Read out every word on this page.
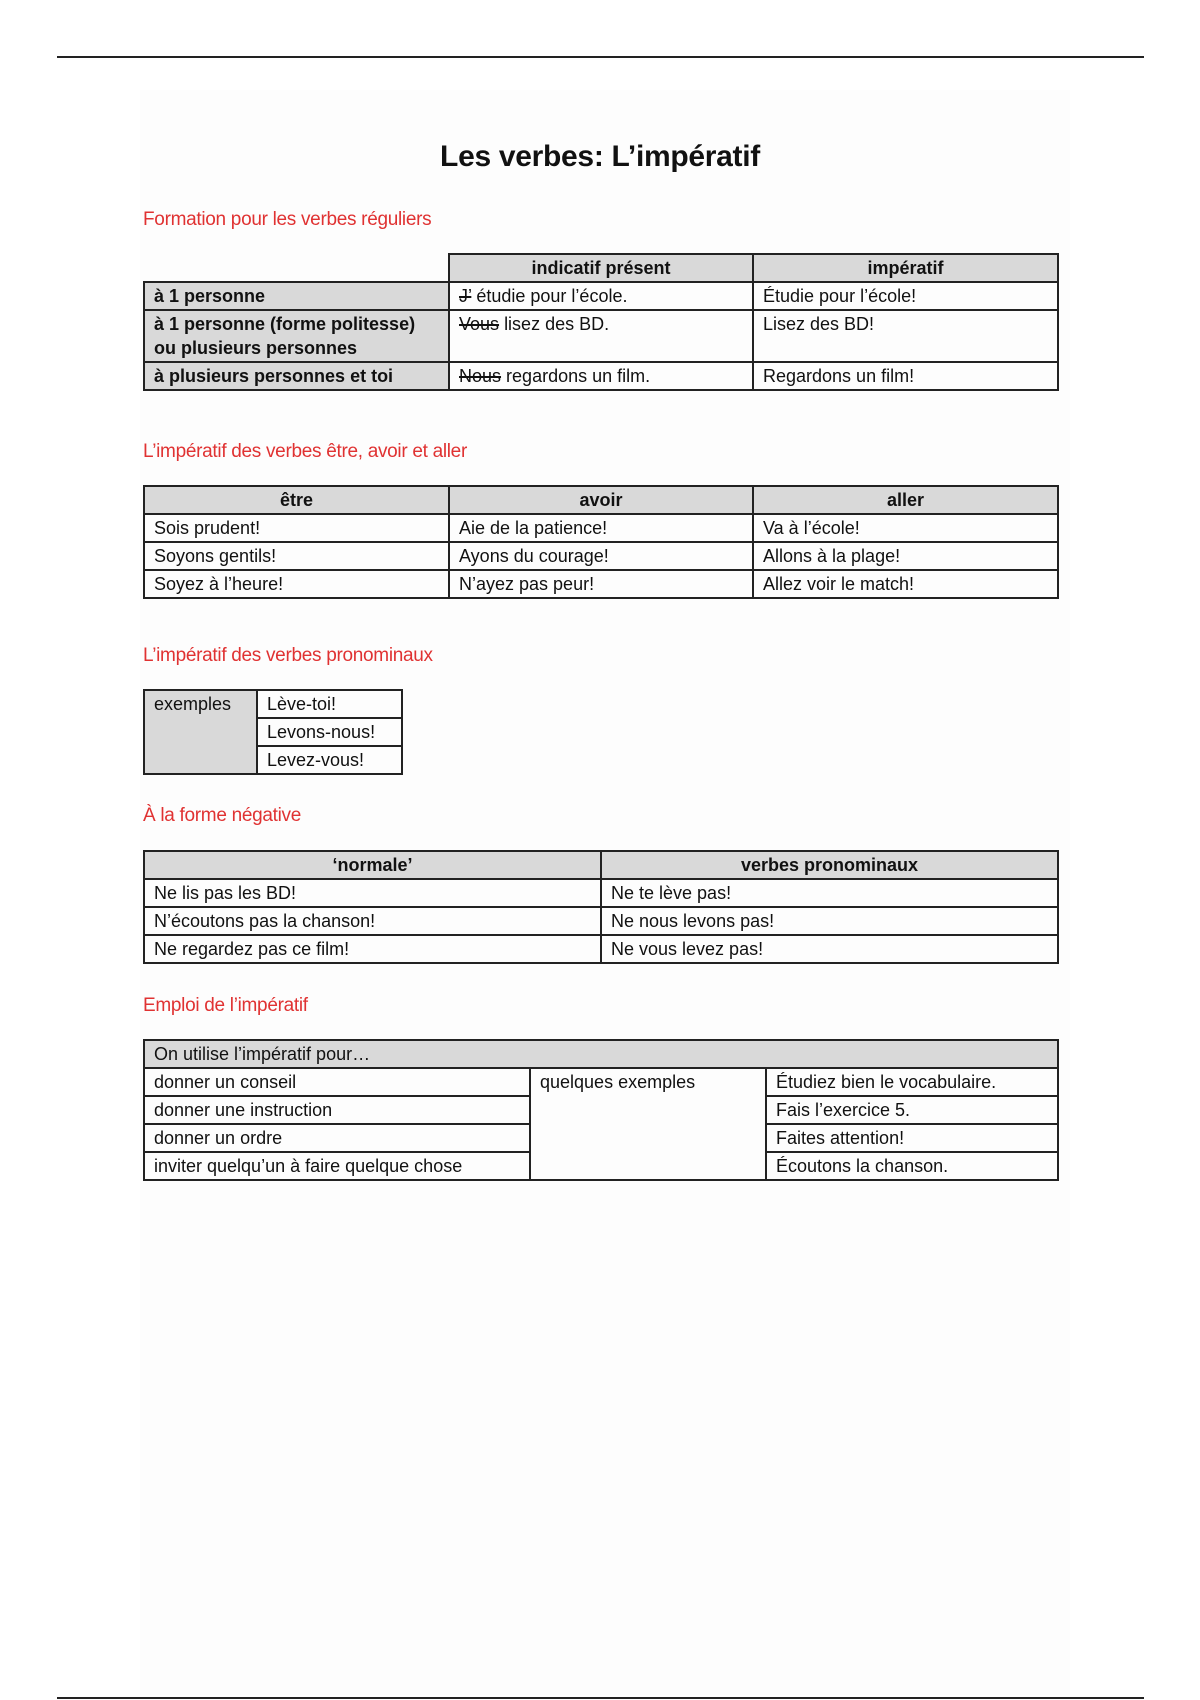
Les verbes: L’impératif
Formation pour les verbes réguliers
	indicatif présent	impératif
à 1 personne	J’ étudie pour l’école.	Étudie pour l’école!
à 1 personne (forme politesse)
ou plusieurs personnes	Vous lisez des BD.	Lisez des BD!
à plusieurs personnes et toi	Nous regardons un film.	Regardons un film!
L’impératif des verbes être, avoir et aller
être	avoir	aller
Sois prudent!	Aie de la patience!	Va à l’école!
Soyons gentils!	Ayons du courage!	Allons à la plage!
Soyez à l’heure!	N’ayez pas peur!	Allez voir le match!
L’impératif des verbes pronominaux
exemples	Lève-toi!
Levons-nous!
Levez-vous!
À la forme négative
‘normale’	verbes pronominaux
Ne lis pas les BD!	Ne te lève pas!
N’écoutons pas la chanson!	Ne nous levons pas!
Ne regardez pas ce film!	Ne vous levez pas!
Emploi de l’impératif
On utilise l’impératif pour…		
donner un conseil	quelques exemples	Étudiez bien le vocabulaire.
donner une instruction		Fais l’exercice 5.
donner un ordre		Faites attention!
inviter quelqu’un à faire quelque chose		Écoutons la chanson.
